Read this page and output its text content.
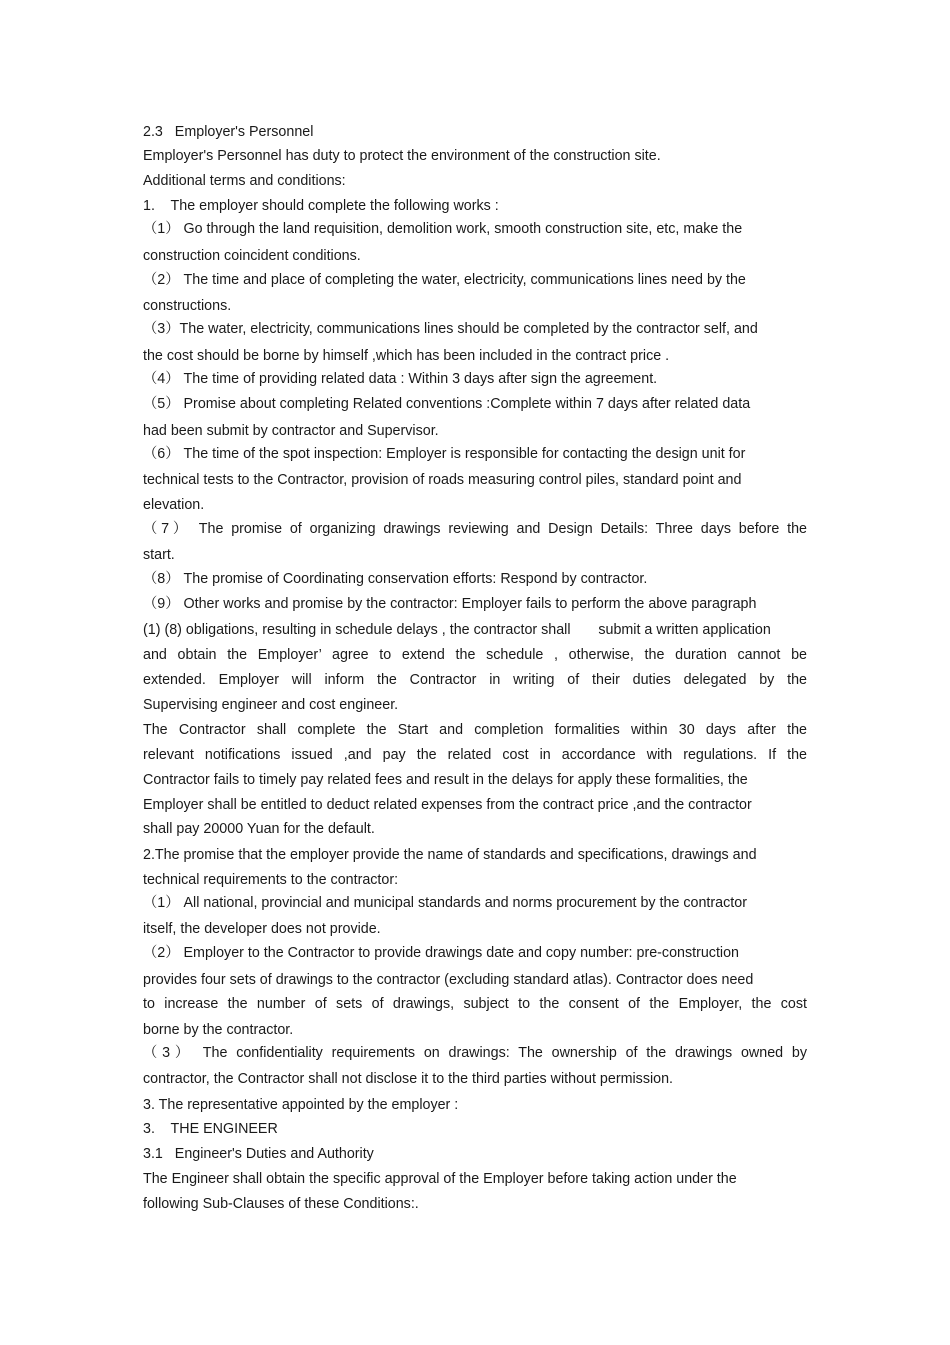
2.3   Employer's Personnel

Employer's Personnel has duty to protect the environment of the construction site.

Additional terms and conditions:

1.    The employer should complete the following works :

（1） Go through the land requisition, demolition work, smooth construction site, etc, make the

construction coincident conditions.

（2） The time and place of completing the water, electricity, communications lines need by the

constructions.

（3）The water, electricity, communications lines should be completed by the contractor self, and

the cost should be borne by himself ,which has been included in the contract price .

（4） The time of providing related data : Within 3 days after sign the agreement.

（5） Promise about completing Related conventions :Complete within 7 days after related data

had been submit by contractor and Supervisor.

（6） The time of the spot inspection: Employer is responsible for contacting the design unit for

technical tests to the Contractor, provision of roads measuring control piles, standard point and

elevation.

（7） The promise of organizing drawings reviewing and Design Details: Three days before the

start.

（8） The promise of Coordinating conservation efforts: Respond by contractor.

（9） Other works and promise by the contractor: Employer fails to perform the above paragraph

(1) (8) obligations, resulting in schedule delays , the contractor shall       submit a written application

and obtain the Employer’ agree to extend the schedule , otherwise, the duration cannot be

extended. Employer will inform the Contractor in writing of their duties delegated by the

Supervising engineer and cost engineer.

The Contractor shall complete the Start and completion formalities within 30 days after the

relevant notifications issued ,and pay the related cost in accordance with regulations. If the

Contractor fails to timely pay related fees and result in the delays for apply these formalities, the

Employer shall be entitled to deduct related expenses from the contract price ,and the contractor

shall pay 20000 Yuan for the default.

2.The promise that the employer provide the name of standards and specifications, drawings and

technical requirements to the contractor:

（1） All national, provincial and municipal standards and norms procurement by the contractor

itself, the developer does not provide.

（2） Employer to the Contractor to provide drawings date and copy number: pre-construction

provides four sets of drawings to the contractor (excluding standard atlas). Contractor does need

to increase the number of sets of drawings, subject to the consent of the Employer, the cost

borne by the contractor.

（3） The confidentiality requirements on drawings: The ownership of the drawings owned by

contractor, the Contractor shall not disclose it to the third parties without permission.

3. The representative appointed by the employer :

3.    THE ENGINEER

3.1   Engineer's Duties and Authority

The Engineer shall obtain the specific approval of the Employer before taking action under the

following Sub-Clauses of these Conditions:.
